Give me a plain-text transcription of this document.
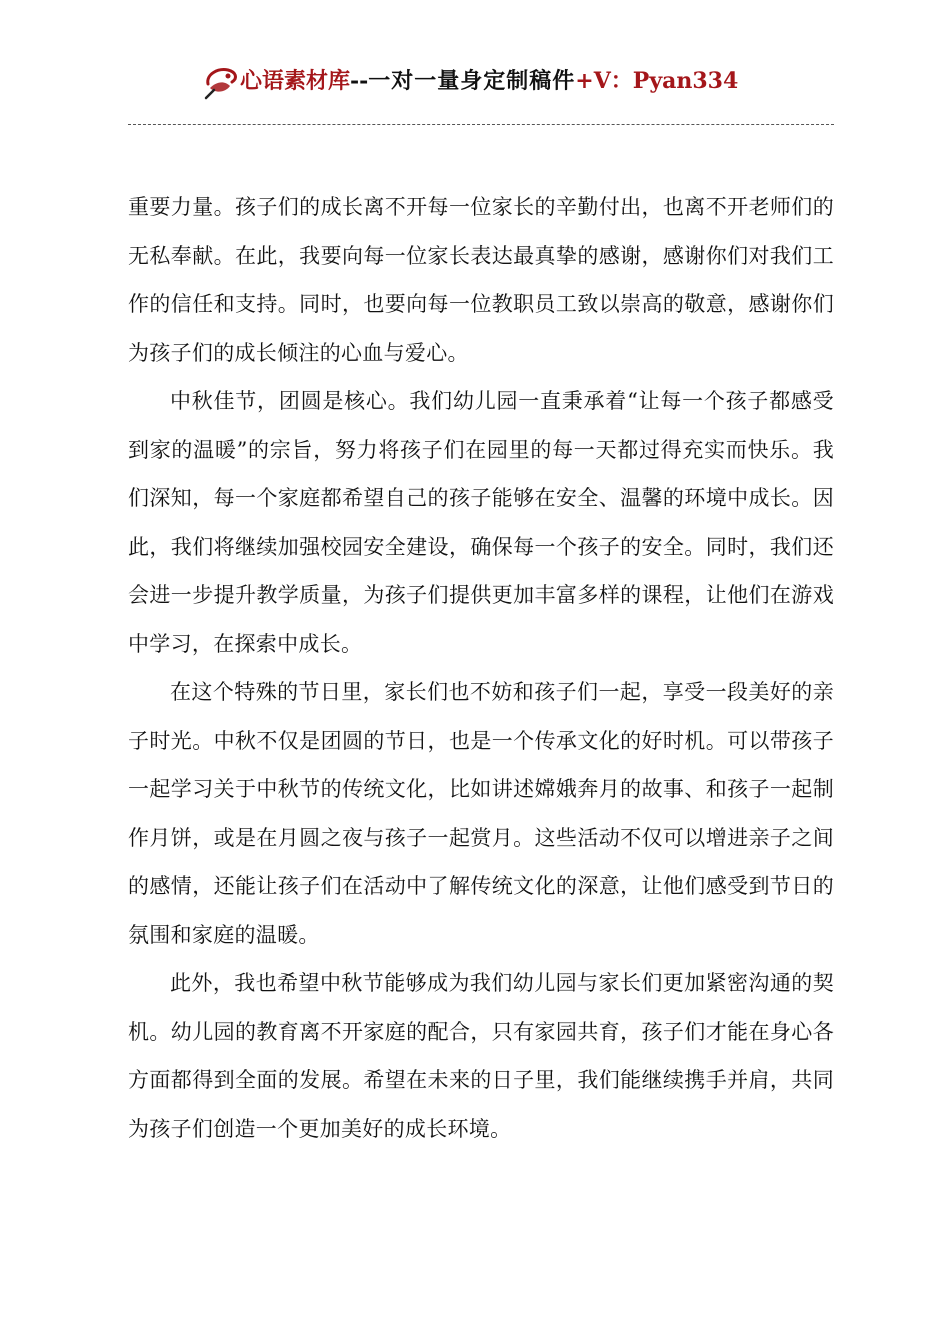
心语素材库--一对一量身定制稿件+V：Pyan334

重要力量。孩子们的成长离不开每一位家长的辛勤付出，也离不开老师们的无私奉献。在此，我要向每一位家长表达最真挚的感谢，感谢你们对我们工作的信任和支持。同时，也要向每一位教职员工致以崇高的敬意，感谢你们为孩子们的成长倾注的心血与爱心。

中秋佳节，团圆是核心。我们幼儿园一直秉承着“让每一个孩子都感受到家的温暖”的宗旨，努力将孩子们在园里的每一天都过得充实而快乐。我们深知，每一个家庭都希望自己的孩子能够在安全、温馨的环境中成长。因此，我们将继续加强校园安全建设，确保每一个孩子的安全。同时，我们还会进一步提升教学质量，为孩子们提供更加丰富多样的课程，让他们在游戏中学习，在探索中成长。

在这个特殊的节日里，家长们也不妨和孩子们一起，享受一段美好的亲子时光。中秋不仅是团圆的节日，也是一个传承文化的好时机。可以带孩子一起学习关于中秋节的传统文化，比如讲述嫦娥奔月的故事、和孩子一起制作月饼，或是在月圆之夜与孩子一起赏月。这些活动不仅可以增进亲子之间的感情，还能让孩子们在活动中了解传统文化的深意，让他们感受到节日的氛围和家庭的温暖。

此外，我也希望中秋节能够成为我们幼儿园与家长们更加紧密沟通的契机。幼儿园的教育离不开家庭的配合，只有家园共育，孩子们才能在身心各方面都得到全面的发展。希望在未来的日子里，我们能继续携手并肩，共同为孩子们创造一个更加美好的成长环境。
